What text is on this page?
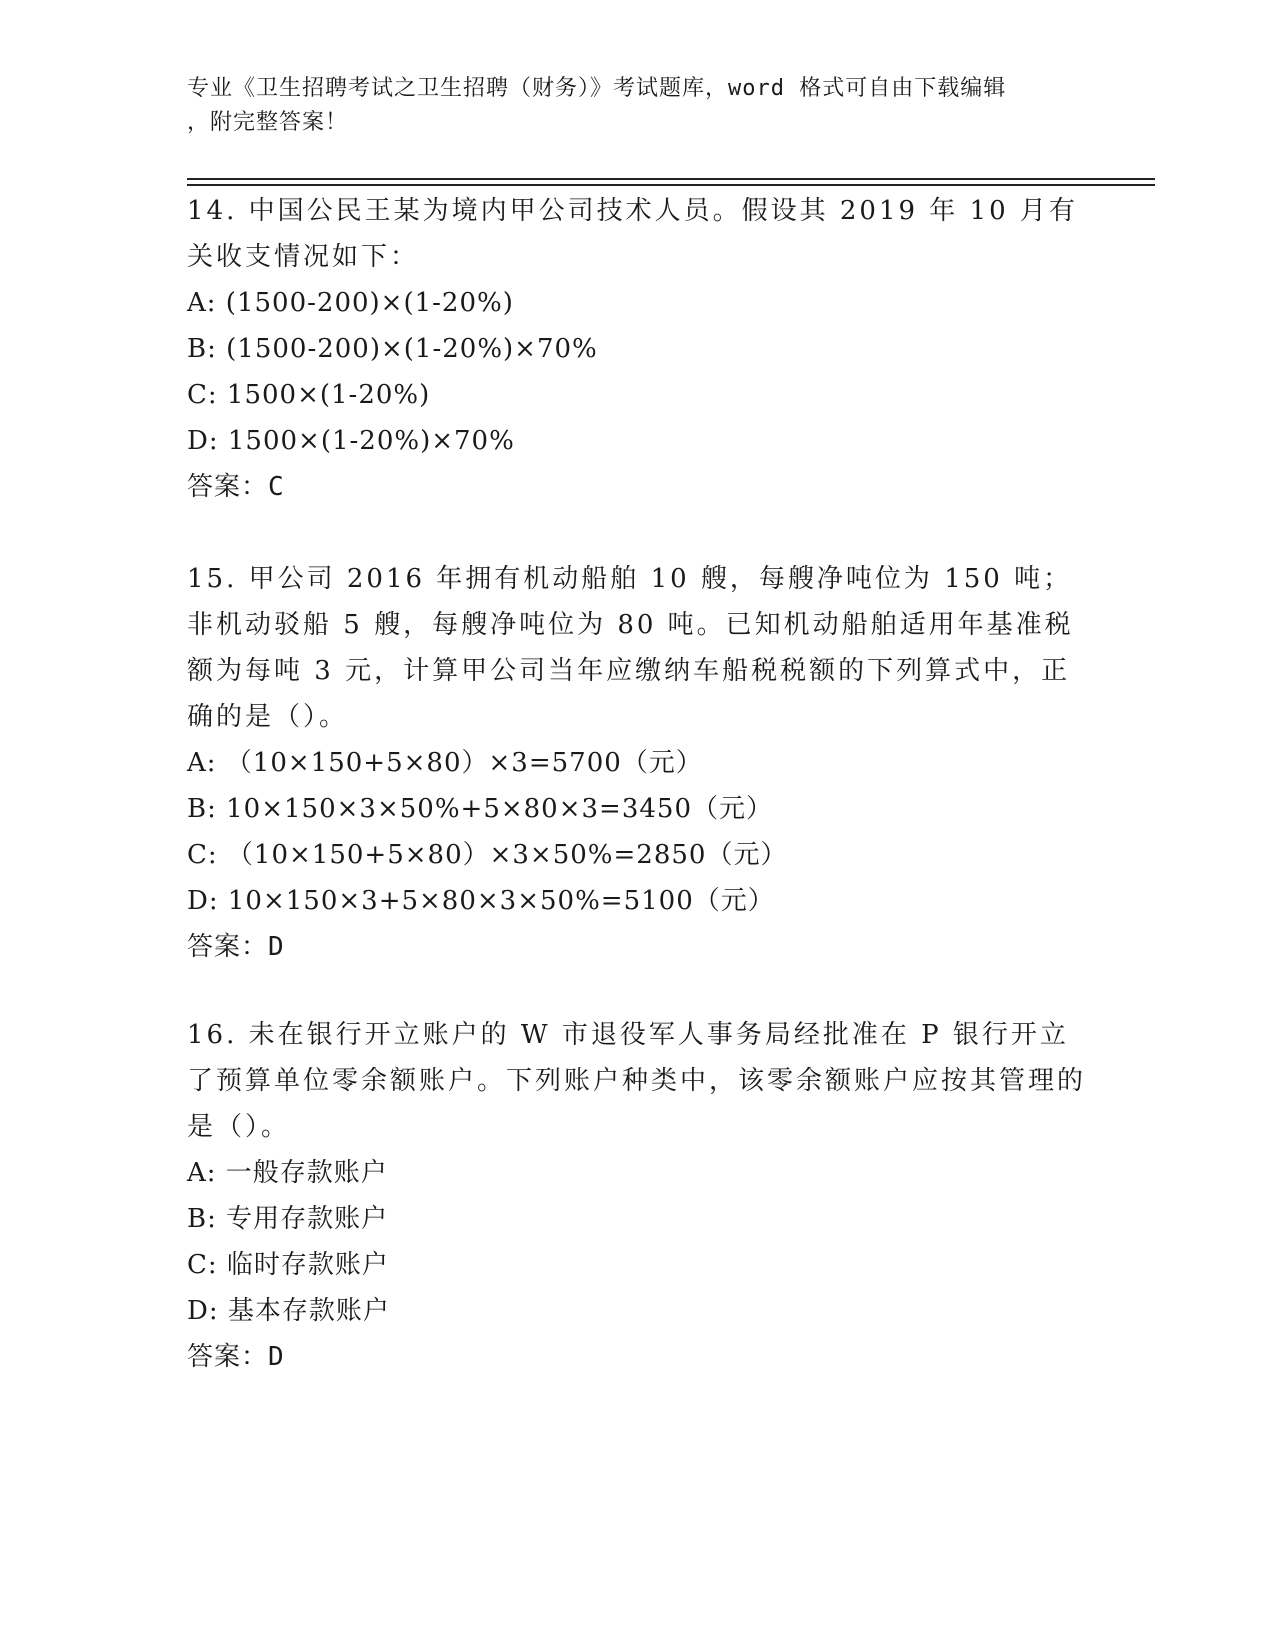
专业《卫生招聘考试之卫生招聘（财务）》考试题库，word 格式可自由下载编辑
，附完整答案！
14. 中国公民王某为境内甲公司技术人员。假设其 2019 年 10 月有关收支情况如下：
A: (1500-200)×(1-20%)
B: (1500-200)×(1-20%)×70%
C: 1500×(1-20%)
D: 1500×(1-20%)×70%
答案：C
15. 甲公司 2016 年拥有机动船舶 10 艘，每艘净吨位为 150 吨；非机动驳船 5 艘，每艘净吨位为 80 吨。已知机动船舶适用年基准税额为每吨 3 元，计算甲公司当年应缴纳车船税税额的下列算式中，正确的是（）。
A: （10×150+5×80）×3=5700（元）
B: 10×150×3×50%+5×80×3=3450（元）
C: （10×150+5×80）×3×50%=2850（元）
D: 10×150×3+5×80×3×50%=5100（元）
答案：D
16. 未在银行开立账户的 W 市退役军人事务局经批准在 P 银行开立了预算单位零余额账户。下列账户种类中，该零余额账户应按其管理的是（）。
A: 一般存款账户
B: 专用存款账户
C: 临时存款账户
D: 基本存款账户
答案：D
